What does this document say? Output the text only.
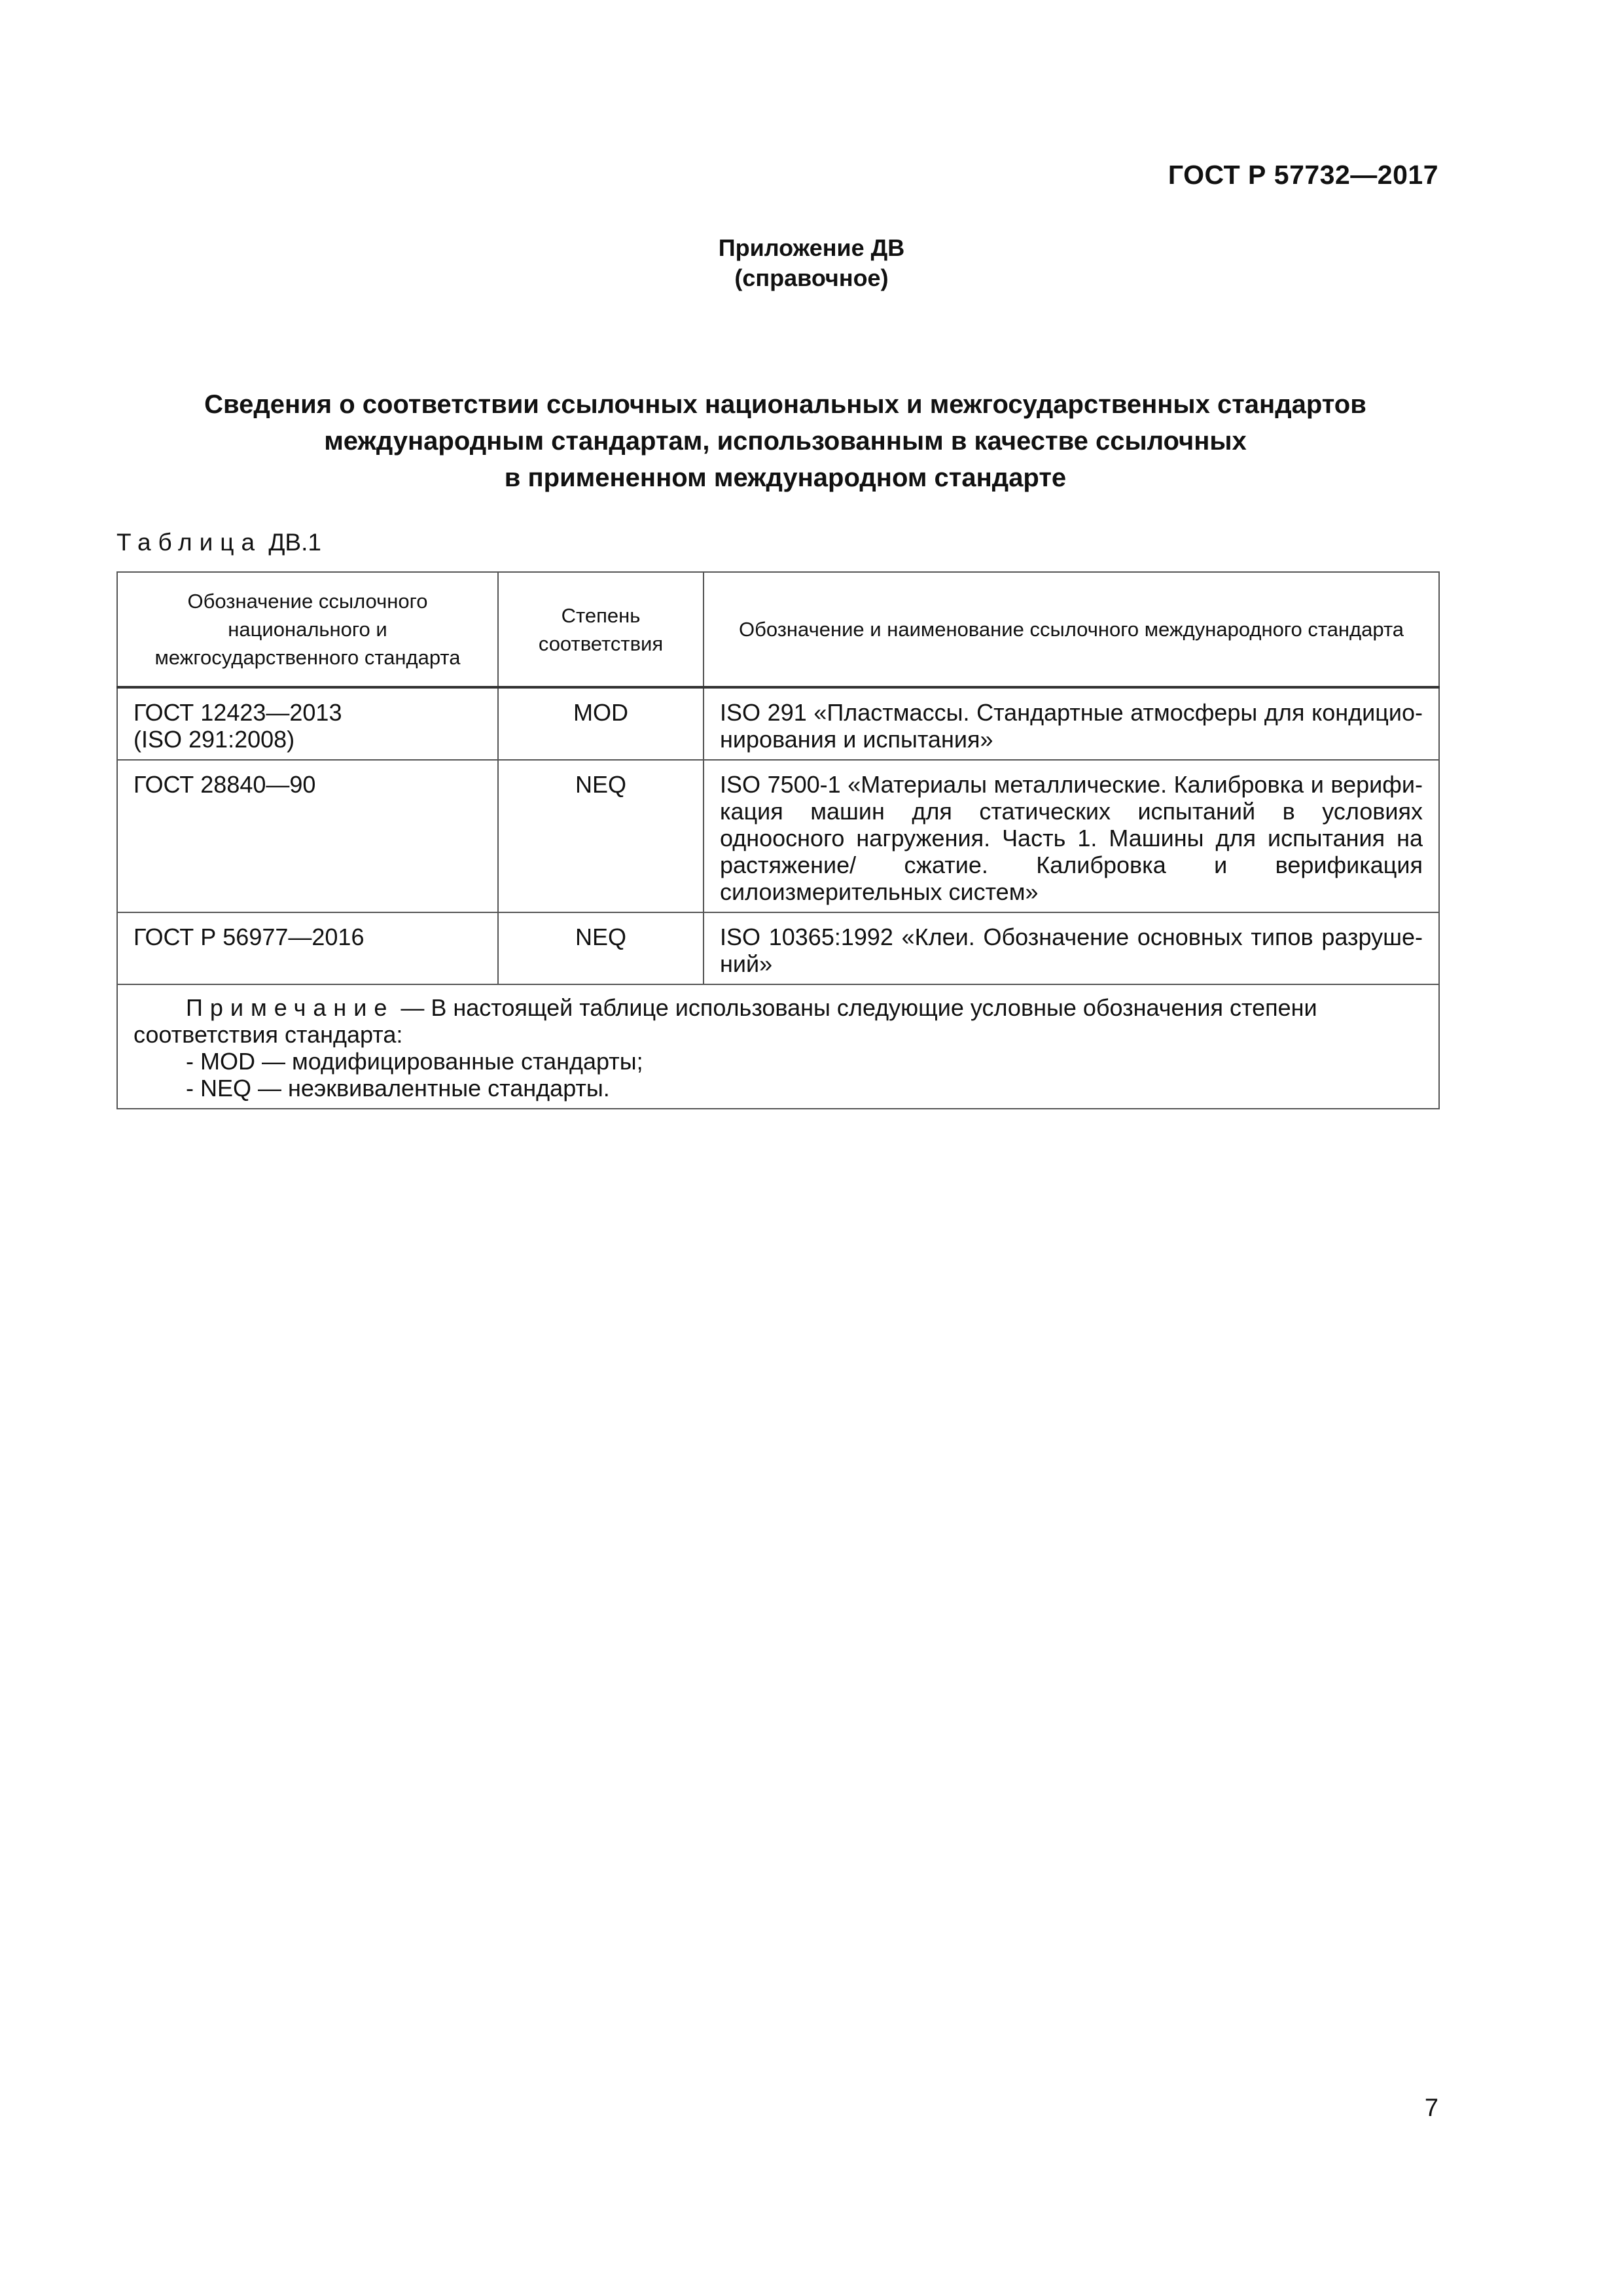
ГОСТ Р 57732—2017
Приложение ДВ
(справочное)
Сведения о соответствии ссылочных национальных и межгосударственных стандартов
международным стандартам, использованным в качестве ссылочных
в примененном международном стандарте
Таблица ДВ.1
Обозначение ссылочного национального и межгосударственного стандарта	Степень соответствия	Обозначение и наименование ссылочного международного стандарта

ГОСТ 12423—2013
(ISO 291:2008)	MOD	ISO 291 «Пластмассы. Стандартные атмосферы для кондицио-нирования и испытания»

ГОСТ 28840—90	NEQ	ISO 7500-1 «Материалы металлические. Калибровка и верифи-кация машин для статических испытаний в условиях одноосного нагружения. Часть 1. Машины для испытания на растяжение/ сжатие. Калибровка и верификация силоизмерительных систем»

ГОСТ Р 56977—2016	NEQ	ISO 10365:1992 «Клеи. Обозначение основных типов разруше-ний»

Примечание — В настоящей таблице использованы следующие условные обозначения степени соответствия стандарта:
- MOD — модифицированные стандарты;
- NEQ — неэквивалентные стандарты.		
7
